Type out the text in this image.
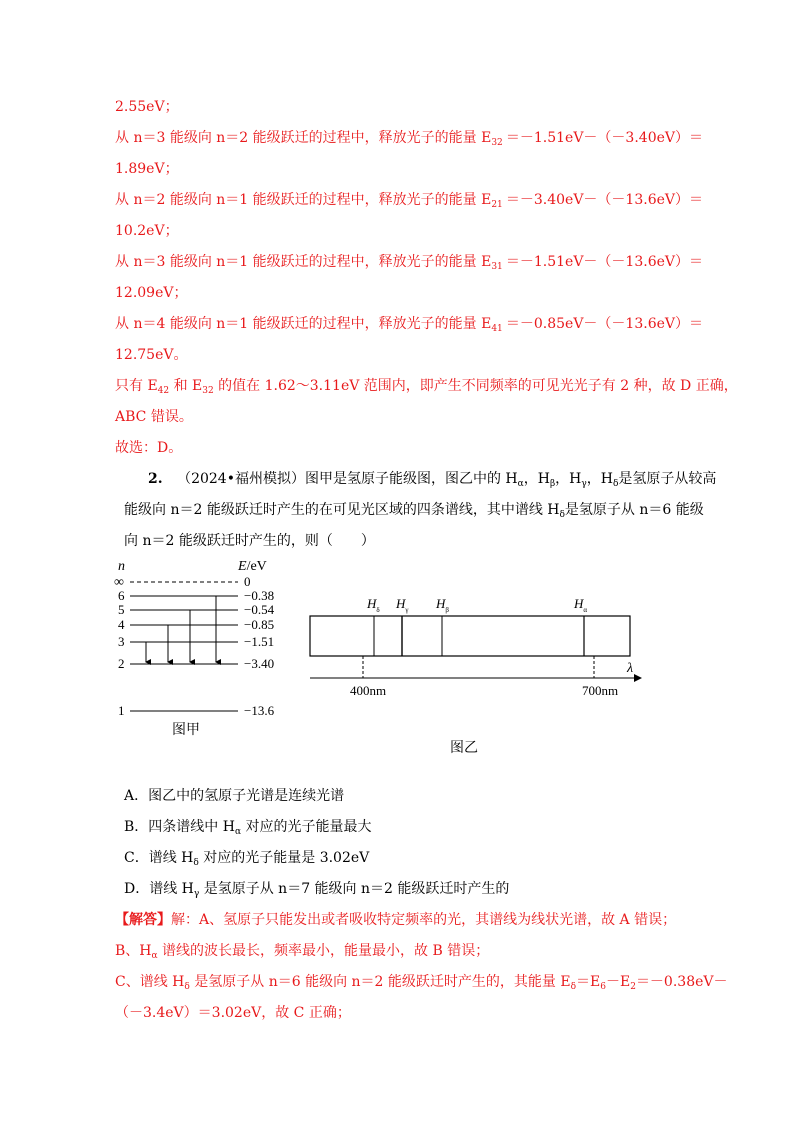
2.55eV；
从 n＝3 能级向 n＝2 能级跃迁的过程中，释放光子的能量 $E_{32} =-1.51eV-(-3.40eV)=$
1.89eV；
从 n＝2 能级向 n＝1 能级跃迁的过程中，释放光子的能量 $E_{21} =-3.40eV-(-13.6eV)=$
10.2eV；
从 n＝3 能级向 n＝1 能级跃迁的过程中，释放光子的能量 $E_{31} =-1.51eV-(-13.6eV)=$
12.09eV；
从 n＝4 能级向 n＝1 能级跃迁的过程中，释放光子的能量 $E_{41} =-0.85eV-(-13.6eV)=$
12.75eV。
只有 $E_{42}$ 和 $E_{32}$ 的值在 1.62～3.11eV 范围内，即产生不同频率的可见光光子有 2 种，故 D 正确，
ABC 错误。
故选：D。
2. （2024•福州模拟）图甲是氢原子能级图，图乙中的 $H_\alpha$，$H_\beta$，$H_\gamma$，$H_\delta$是氢原子从较高
能级向 n＝2 能级跃迁时产生的在可见光区域的四条谱线，其中谱线 $H_\delta$是氢原子从 n＝6 能级
向 n＝2 能级跃迁时产生的，则（　　）
n	E/eV
∞
6
5
4
3
2
1
0
−0.38
−0.54
−0.85
−1.51
−3.40
−13.6
图甲
$H_\delta$ $H_\gamma$ $H_\beta$	$H_\alpha$
λ
400nm	700nm
图乙
A．图乙中的氢原子光谱是连续光谱
B．四条谱线中 $H_\alpha$ 对应的光子能量最大
C．谱线 $H_\delta$ 对应的光子能量是 3.02eV
D．谱线 $H_\gamma$ 是氢原子从 n＝7 能级向 n＝2 能级跃迁时产生的
【解答】解：A、氢原子只能发出或者吸收特定频率的光，其谱线为线状光谱，故 A 错误；
B、$H_\alpha$ 谱线的波长最长，频率最小，能量最小，故 B 错误；
C、谱线 $H_\delta$ 是氢原子从 n＝6 能级向 n＝2 能级跃迁时产生的，其能量 $E_\delta=E_6-E_2=-0.38eV-$
（－3.4eV）＝3.02eV，故 C 正确；
